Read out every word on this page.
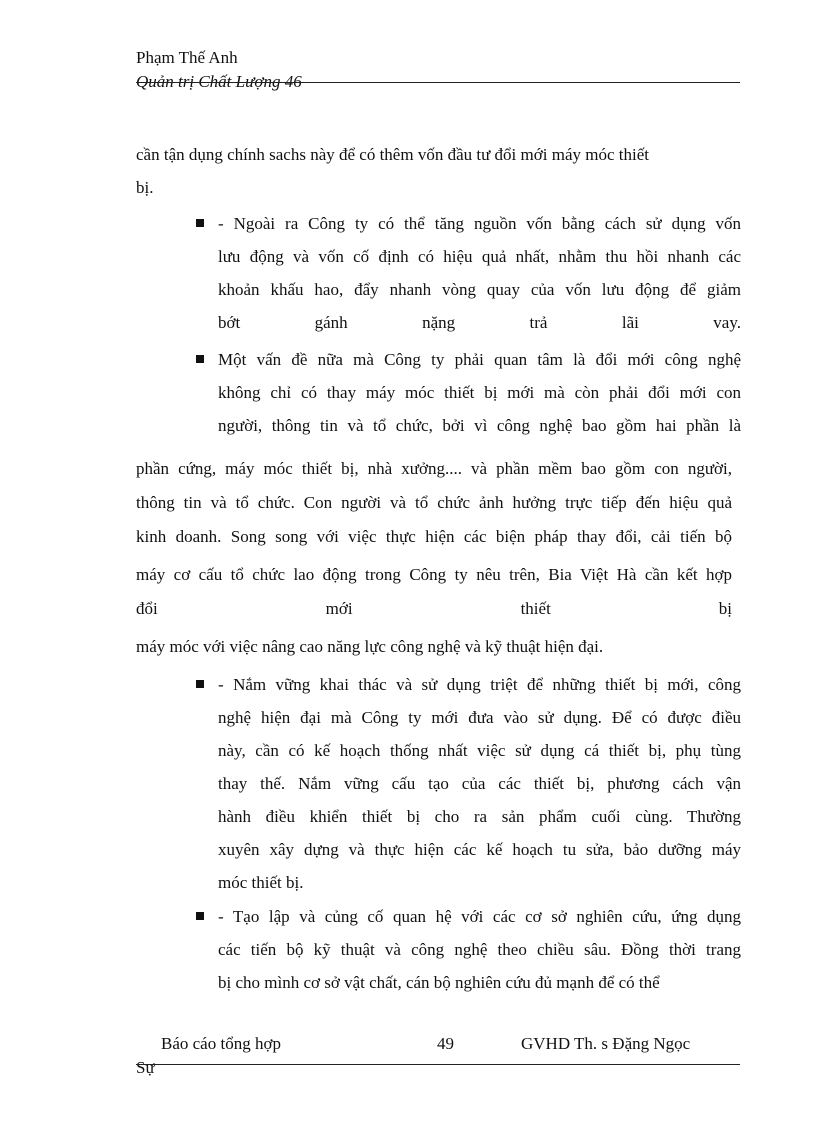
Phạm Thế Anh
Quản trị Chất Lượng 46
cần tận dụng chính sachs này để có thêm vốn đầu tư đổi mới máy móc thiết
bị.
- Ngoài ra Công ty có thể tăng nguồn vốn bằng cách sử dụng vốn
lưu động và vốn cố định có hiệu quả nhất, nhằm thu hồi nhanh các
khoản khấu hao, đẩy nhanh vòng quay của vốn lưu động để giảm
bớt gánh nặng trả lãi vay.
Một vấn đề nữa mà Công ty phải quan tâm là đổi mới công nghệ
không chỉ có thay máy móc thiết bị mới mà còn phải đổi mới con
người, thông tin và tổ chức, bởi vì công nghệ bao gồm hai phần là
phần cứng, máy móc thiết bị, nhà xưởng.... và phần mềm bao gồm con người,
thông tin và tổ chức. Con người và tổ chức ảnh hưởng trực tiếp đến hiệu quả
kinh doanh. Song song với việc thực hiện các biện pháp thay đổi, cải tiến bộ
máy cơ cấu tổ chức lao động trong Công ty nêu trên, Bia Việt Hà cần kết hợp
đổi mới thiết bị
máy móc với việc nâng cao năng lực công nghệ và kỹ thuật hiện đại.
- Nắm vững khai thác và sử dụng triệt để những thiết bị mới, công
nghệ hiện đại mà Công ty mới đưa vào sử dụng. Để có được điều
này, cần có kế hoạch thống nhất việc sử dụng cá thiết bị, phụ tùng
thay thế. Nắm vững cấu tạo của các thiết bị, phương cách vận
hành điều khiển thiết bị cho ra sản phẩm cuối cùng. Thường
xuyên xây dựng và thực hiện các kế hoạch tu sửa, bảo dưỡng máy
móc thiết bị.
- Tạo lập và củng cố quan hệ với các cơ sở nghiên cứu, ứng dụng
các tiến bộ kỹ thuật và công nghệ theo chiều sâu. Đồng thời trang
bị cho mình cơ sở vật chất, cán bộ nghiên cứu đủ mạnh để có thể
Báo cáo tổng hợp	49	GVHD Th. s Đặng Ngọc
Sự
